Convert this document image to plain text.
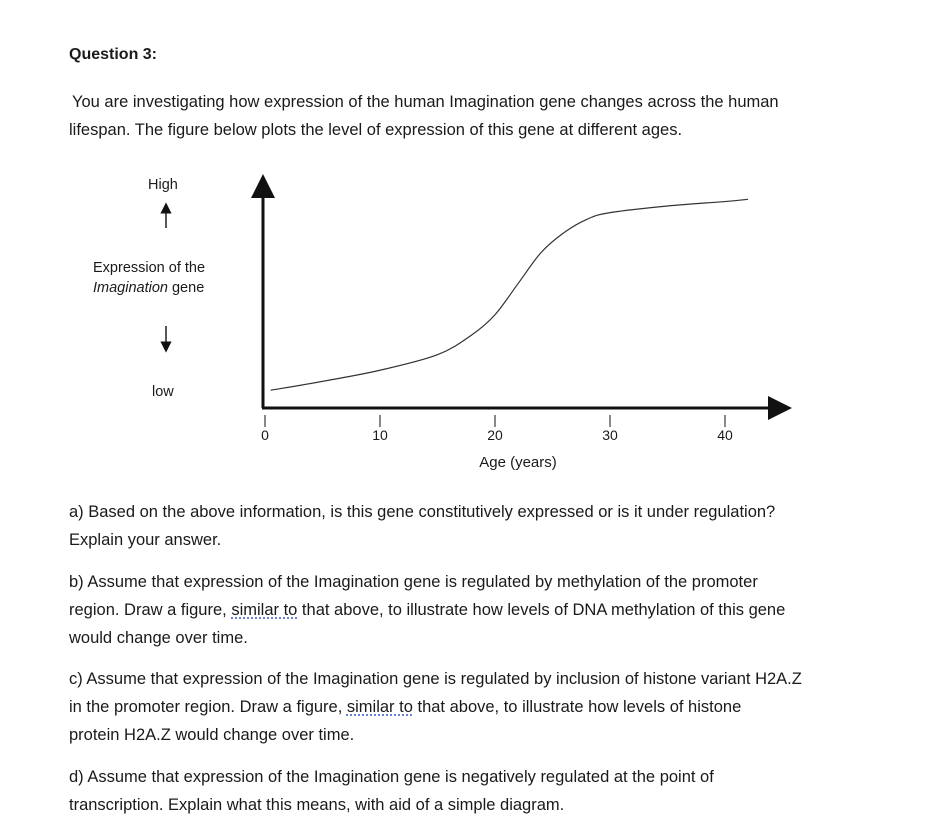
Question 3:
You are investigating how expression of the human Imagination gene changes across the human
lifespan. The figure below plots the level of expression of this gene at different ages.
High
Expression of the
Imagination gene
low
0	10	20	30	40
Age (years)
a) Based on the above information, is this gene constitutively expressed or is it under regulation?
Explain your answer.
b) Assume that expression of the Imagination gene is regulated by methylation of the promoter
region. Draw a figure, similar to that above, to illustrate how levels of DNA methylation of this gene
would change over time.
c) Assume that expression of the Imagination gene is regulated by inclusion of histone variant H2A.Z
in the promoter region. Draw a figure, similar to that above, to illustrate how levels of histone
protein H2A.Z would change over time.
d) Assume that expression of the Imagination gene is negatively regulated at the point of
transcription. Explain what this means, with aid of a simple diagram.
